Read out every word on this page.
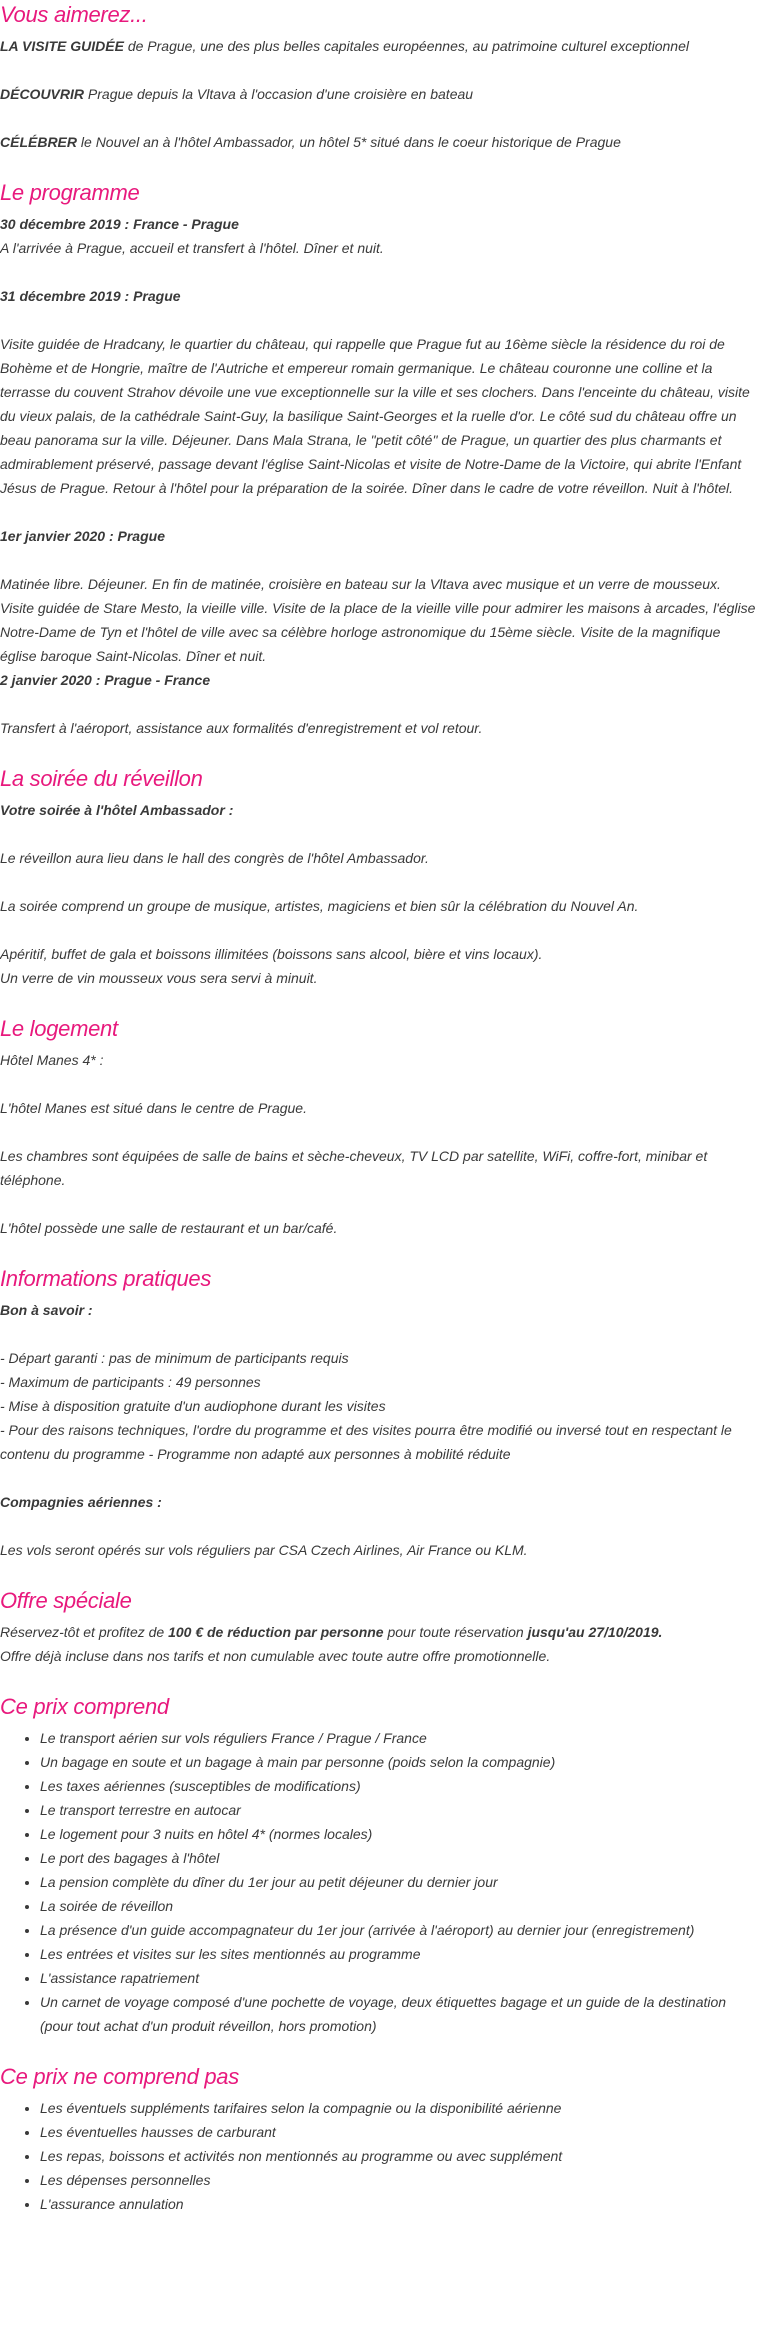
Vous aimerez...

LA VISITE GUIDÉE de Prague, une des plus belles capitales européennes, au patrimoine culturel exceptionnel

DÉCOUVRIR Prague depuis la Vltava à l'occasion d'une croisière en bateau

CÉLÉBRER le Nouvel an à l'hôtel Ambassador, un hôtel 5* situé dans le coeur historique de Prague

Le programme

30 décembre 2019 : France - Prague

A l'arrivée à Prague, accueil et transfert à l'hôtel. Dîner et nuit.

31 décembre 2019 : Prague

Visite guidée de Hradcany, le quartier du château, qui rappelle que Prague fut au 16ème siècle la résidence du roi de Bohème et de Hongrie, maître de l'Autriche et empereur romain germanique. Le château couronne une colline et la terrasse du couvent Strahov dévoile une vue exceptionnelle sur la ville et ses clochers. Dans l'enceinte du château, visite du vieux palais, de la cathédrale Saint-Guy, la basilique Saint-Georges et la ruelle d'or. Le côté sud du château offre un beau panorama sur la ville. Déjeuner. Dans Mala Strana, le "petit côté" de Prague, un quartier des plus charmants et admirablement préservé, passage devant l'église Saint-Nicolas et visite de Notre-Dame de la Victoire, qui abrite l'Enfant Jésus de Prague. Retour à l'hôtel pour la préparation de la soirée. Dîner dans le cadre de votre réveillon. Nuit à l'hôtel.

1er janvier 2020 : Prague

Matinée libre. Déjeuner. En fin de matinée, croisière en bateau sur la Vltava avec musique et un verre de mousseux. Visite guidée de Stare Mesto, la vieille ville. Visite de la place de la vieille ville pour admirer les maisons à arcades, l'église Notre-Dame de Tyn et l'hôtel de ville avec sa célèbre horloge astronomique du 15ème siècle. Visite de la magnifique église baroque Saint-Nicolas. Dîner et nuit.

2 janvier 2020 : Prague - France

Transfert à l'aéroport, assistance aux formalités d'enregistrement et vol retour.

La soirée du réveillon

Votre soirée à l'hôtel Ambassador :

Le réveillon aura lieu dans le hall des congrès de l'hôtel Ambassador.

La soirée comprend un groupe de musique, artistes, magiciens et bien sûr la célébration du Nouvel An.

Apéritif, buffet de gala et boissons illimitées (boissons sans alcool, bière et vins locaux).

Un verre de vin mousseux vous sera servi à minuit.

Le logement

Hôtel Manes 4* :

L'hôtel Manes est situé dans le centre de Prague.

Les chambres sont équipées de salle de bains et sèche-cheveux, TV LCD par satellite, WiFi, coffre-fort, minibar et téléphone.

L'hôtel possède une salle de restaurant et un bar/café.

Informations pratiques

Bon à savoir :

- Départ garanti : pas de minimum de participants requis

- Maximum de participants : 49 personnes

- Mise à disposition gratuite d'un audiophone durant les visites

- Pour des raisons techniques, l'ordre du programme et des visites pourra être modifié ou inversé tout en respectant le contenu du programme - Programme non adapté aux personnes à mobilité réduite

Compagnies aériennes :

Les vols seront opérés sur vols réguliers par CSA Czech Airlines, Air France ou KLM.

Offre spéciale

Réservez-tôt et profitez de 100 € de réduction par personne pour toute réservation jusqu'au 27/10/2019.

Offre déjà incluse dans nos tarifs et non cumulable avec toute autre offre promotionnelle.

Ce prix comprend
• Le transport aérien sur vols réguliers France / Prague / France
• Un bagage en soute et un bagage à main par personne (poids selon la compagnie)
• Les taxes aériennes (susceptibles de modifications)
• Le transport terrestre en autocar
• Le logement pour 3 nuits en hôtel 4* (normes locales)
• Le port des bagages à l'hôtel
• La pension complète du dîner du 1er jour au petit déjeuner du dernier jour
• La soirée de réveillon
• La présence d'un guide accompagnateur du 1er jour (arrivée à l'aéroport) au dernier jour (enregistrement)
• Les entrées et visites sur les sites mentionnés au programme
• L'assistance rapatriement
• Un carnet de voyage composé d'une pochette de voyage, deux étiquettes bagage et un guide de la destination (pour tout achat d'un produit réveillon, hors promotion)
Ce prix ne comprend pas
• Les éventuels suppléments tarifaires selon la compagnie ou la disponibilité aérienne
• Les éventuelles hausses de carburant
• Les repas, boissons et activités non mentionnés au programme ou avec supplément
• Les dépenses personnelles
• L'assurance annulation
